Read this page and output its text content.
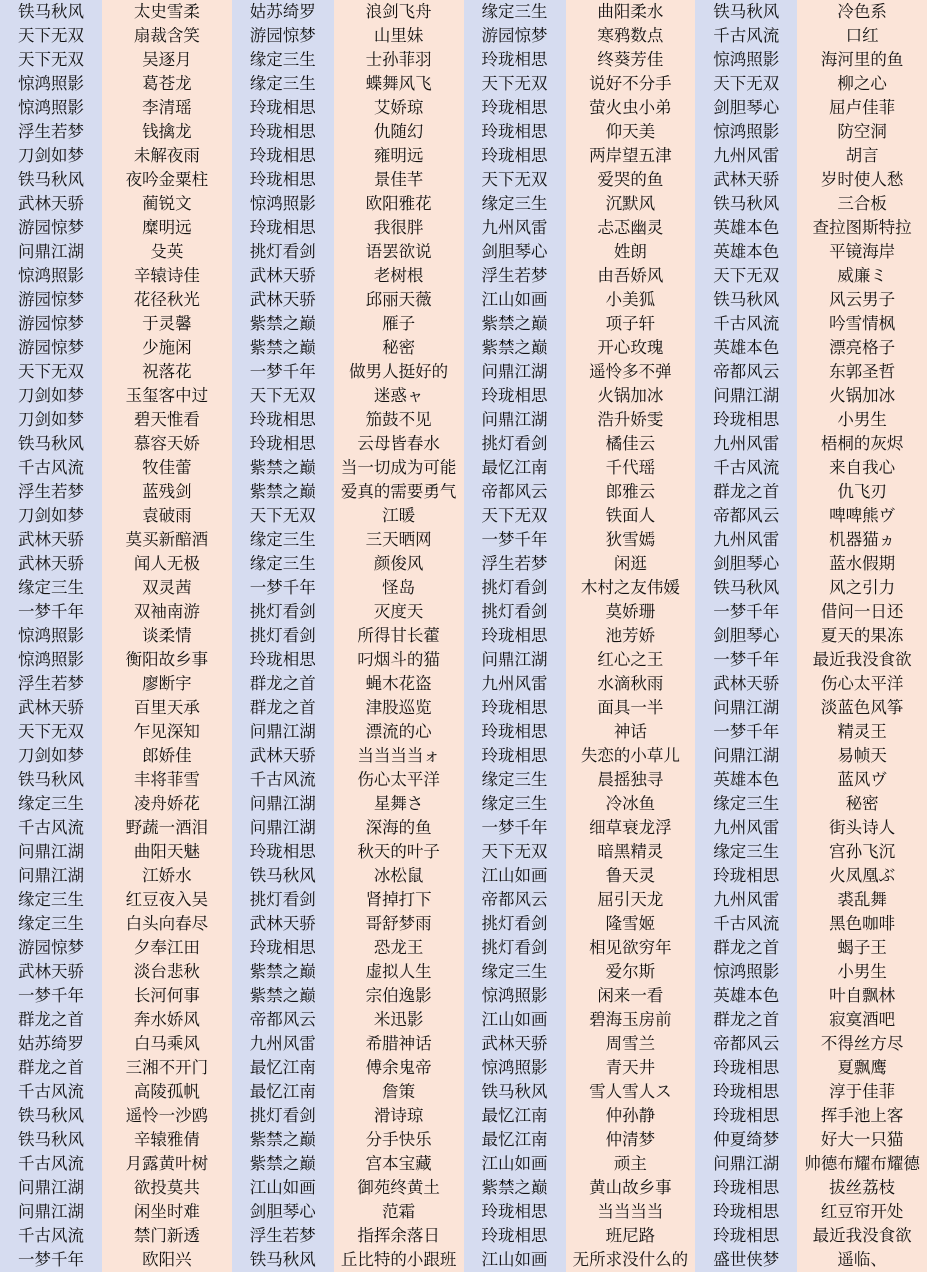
铁马秋风	太史雪柔	姑苏绮罗	浪剑飞舟	缘定三生	曲阳柔水	铁马秋风	冷色系
天下无双	扇裁含笑	游园惊梦	山里妹	游园惊梦	寒鸦数点	千古风流	口红
天下无双	吴逐月	缘定三生	士孙菲羽	玲珑相思	终葵芳佳	惊鸿照影	海河里的鱼
惊鸿照影	葛苍龙	缘定三生	蝶舞风飞	天下无双	说好不分手	天下无双	柳之心
惊鸿照影	李清瑶	玲珑相思	艾娇琼	玲珑相思	萤火虫小弟	剑胆琴心	屈卢佳菲
浮生若梦	钱擒龙	玲珑相思	仇随幻	玲珑相思	仰天美	惊鸿照影	防空洞
刀剑如梦	未解夜雨	玲珑相思	雍明远	玲珑相思	两岸望五津	九州风雷	胡言
铁马秋风	夜吟金粟柱	玲珑相思	景佳芊	天下无双	爱哭的鱼	武林天骄	岁时使人愁
武林天骄	蔺锐文	惊鸿照影	欧阳雅花	缘定三生	沉默风	铁马秋风	三合板
游园惊梦	糜明远	玲珑相思	我很胖	九州风雷	忐忑幽灵	英雄本色	查拉图斯特拉
问鼎江湖	殳英	挑灯看剑	语罢欲说	剑胆琴心	姓朗	英雄本色	平镜海岸
惊鸿照影	辛辕诗佳	武林天骄	老树根	浮生若梦	由吾娇风	天下无双	威廉ミ
游园惊梦	花径秋光	武林天骄	邱丽天薇	江山如画	小美狐	铁马秋风	风云男子
游园惊梦	于灵馨	紫禁之巅	雁子	紫禁之巅	项子轩	千古风流	吟雪情枫
游园惊梦	少施闲	紫禁之巅	秘密	紫禁之巅	开心玫瑰	英雄本色	漂亮格子
天下无双	祝落花	一梦千年	做男人挺好的	问鼎江湖	遥怜多不弹	帝都风云	东郭圣哲
刀剑如梦	玉玺客中过	天下无双	迷惑ャ	玲珑相思	火锅加冰	问鼎江湖	火锅加冰
刀剑如梦	碧天惟看	玲珑相思	笳鼓不见	问鼎江湖	浩升娇雯	玲珑相思	小男生
铁马秋风	慕容天娇	玲珑相思	云母皆春水	挑灯看剑	橘佳云	九州风雷	梧桐的灰烬
千古风流	牧佳蕾	紫禁之巅	当一切成为可能	最忆江南	千代瑶	千古风流	来自我心
浮生若梦	蓝残剑	紫禁之巅	爱真的需要勇气	帝都风云	郎雅云	群龙之首	仇飞刃
刀剑如梦	袁破雨	天下无双	江暖	天下无双	铁面人	帝都风云	啤啤熊ヴ
武林天骄	莫买新醅酒	缘定三生	三天晒网	一梦千年	狄雪嫣	九州风雷	机器猫ヵ
武林天骄	闻人无极	缘定三生	颜俊风	浮生若梦	闲逛	剑胆琴心	蓝水假期
缘定三生	双灵茜	一梦千年	怪岛	挑灯看剑	木村之友伟媛	铁马秋风	风之引力
一梦千年	双袖南游	挑灯看剑	灭度天	挑灯看剑	莫娇珊	一梦千年	借问一日还
惊鸿照影	谈柔情	挑灯看剑	所得甘长藿	玲珑相思	池芳娇	剑胆琴心	夏天的果冻
惊鸿照影	衡阳故乡事	玲珑相思	叼烟斗的猫	问鼎江湖	红心之王	一梦千年	最近我没食欲
浮生若梦	廖断宇	群龙之首	蝇木花盗	九州风雷	水滴秋雨	武林天骄	伤心太平洋
武林天骄	百里天承	群龙之首	津股巡览	玲珑相思	面具一半	问鼎江湖	淡蓝色风筝
天下无双	乍见深知	问鼎江湖	漂流的心	玲珑相思	神话	一梦千年	精灵王
刀剑如梦	郎娇佳	武林天骄	当当当当ォ	玲珑相思	失恋的小草儿	问鼎江湖	易帧天
铁马秋风	丰将菲雪	千古风流	伤心太平洋	缘定三生	晨摇独寻	英雄本色	蓝风ヴ
缘定三生	凌舟娇花	问鼎江湖	星舞さ	缘定三生	冷冰鱼	缘定三生	秘密
千古风流	野蔬一酒泪	问鼎江湖	深海的鱼	一梦千年	细草衰龙浮	九州风雷	街头诗人
问鼎江湖	曲阳天魅	玲珑相思	秋天的叶子	天下无双	暗黑精灵	缘定三生	宫孙飞沉
问鼎江湖	江娇水	铁马秋风	冰松鼠	江山如画	鲁天灵	玲珑相思	火凤凰ぶ
缘定三生	红豆夜入吴	挑灯看剑	肾掉打下	帝都风云	屈引天龙	九州风雷	裘乱舞
缘定三生	白头向春尽	武林天骄	哥舒梦雨	挑灯看剑	隆雪姬	千古风流	黑色咖啡
游园惊梦	夕奉江田	玲珑相思	恐龙王	挑灯看剑	相见欲穷年	群龙之首	蝎子王
武林天骄	淡台悲秋	紫禁之巅	虚拟人生	缘定三生	爱尔斯	惊鸿照影	小男生
一梦千年	长河何事	紫禁之巅	宗伯逸影	惊鸿照影	闲来一看	英雄本色	叶自飘林
群龙之首	奔水娇风	帝都风云	米迅影	江山如画	碧海玉房前	群龙之首	寂寞酒吧
姑苏绮罗	白马乘风	九州风雷	希腊神话	武林天骄	周雪兰	帝都风云	不得丝方尽
群龙之首	三湘不开门	最忆江南	傅余鬼帝	惊鸿照影	青天井	玲珑相思	夏飘鹰
千古风流	高陵孤帆	最忆江南	詹策	铁马秋风	雪人雪人ス	玲珑相思	淳于佳菲
铁马秋风	遥怜一沙鸥	挑灯看剑	滑诗琼	最忆江南	仲孙静	玲珑相思	挥手池上客
铁马秋风	辛辕雅倩	紫禁之巅	分手快乐	最忆江南	仲清梦	仲夏绮梦	好大一只猫
千古风流	月露黄叶树	紫禁之巅	宫本宝藏	江山如画	顽主	问鼎江湖	帅德布耀布耀德
问鼎江湖	欲投莫共	江山如画	御苑终黄土	紫禁之巅	黄山故乡事	玲珑相思	拔丝荔枝
问鼎江湖	闲坐时难	剑胆琴心	范霜	玲珑相思	当当当当	玲珑相思	红豆帘开处
千古风流	禁门新透	浮生若梦	指挥余落日	玲珑相思	班尼路	玲珑相思	最近我没食欲
一梦千年	欧阳兴	铁马秋风	丘比特的小跟班	江山如画	无所求没什么的	盛世侠梦	遥临、
